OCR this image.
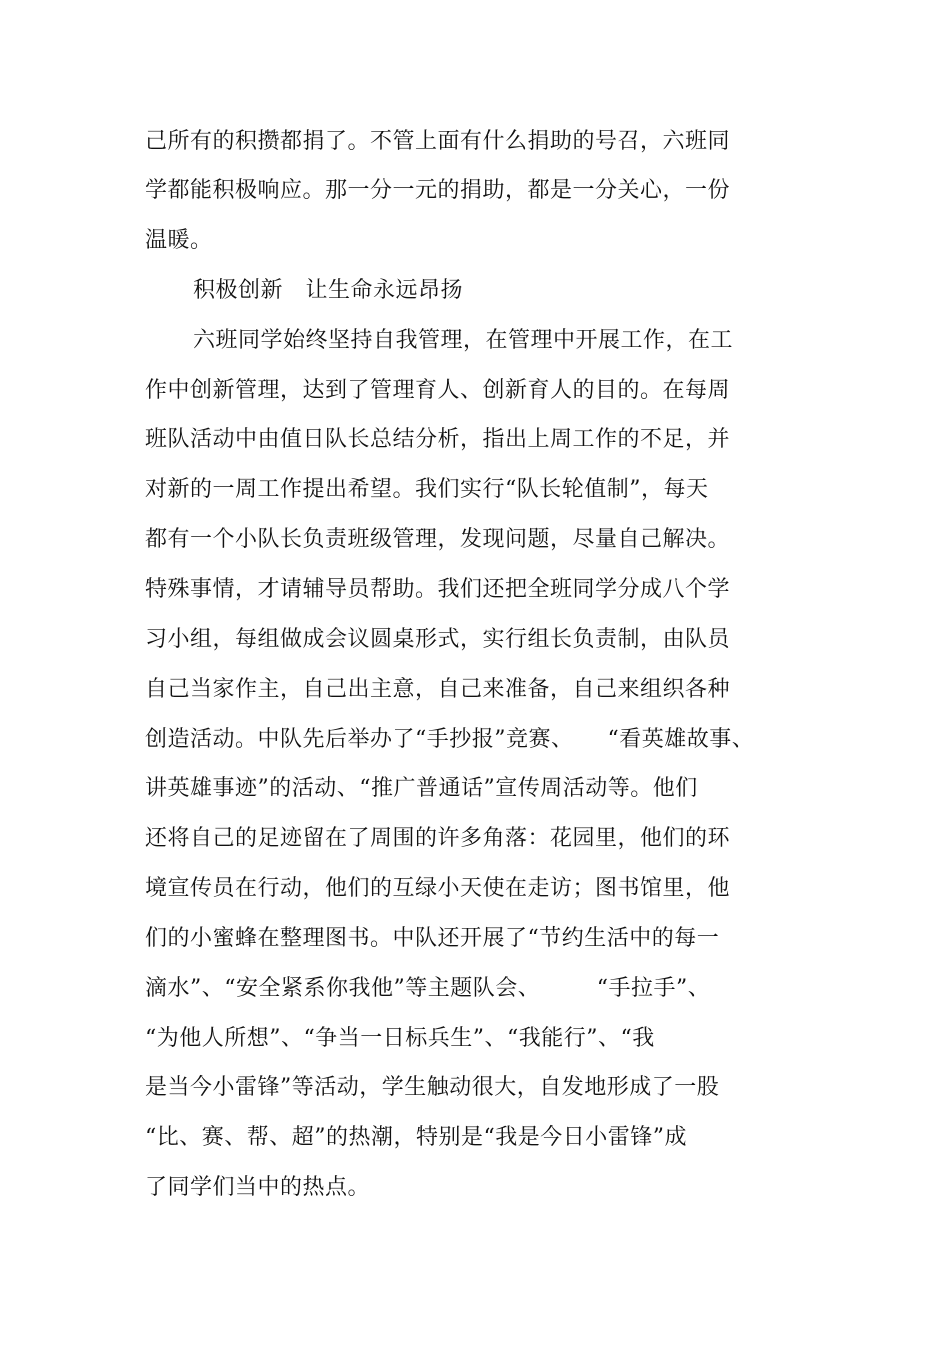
己所有的积攒都捐了。不管上面有什么捐助的号召，六班同
学都能积极响应。那一分一元的捐助，都是一分关心，一份
温暖。
积极创新　让生命永远昂扬
六班同学始终坚持自我管理，在管理中开展工作，在工
作中创新管理，达到了管理育人、创新育人的目的。在每周
班队活动中由值日队长总结分析，指出上周工作的不足，并
对新的一周工作提出希望。我们实行“队长轮值制”，每天
都有一个小队长负责班级管理，发现问题，尽量自己解决。
特殊事情，才请辅导员帮助。我们还把全班同学分成八个学
习小组，每组做成会议圆桌形式，实行组长负责制，由队员
自己当家作主，自己出主意，自己来准备，自己来组织各种
创造活动。中队先后举办了“手抄报”竞赛、　　“看英雄故事、
讲英雄事迹”的活动、“推广普通话”宣传周活动等。他们
还将自己的足迹留在了周围的许多角落：花园里，他们的环
境宣传员在行动，他们的互绿小天使在走访；图书馆里，他
们的小蜜蜂在整理图书。中队还开展了“节约生活中的每一
滴水”、“安全紧系你我他”等主题队会、　　　“手拉手”、
“为他人所想”、“争当一日标兵生”、“我能行”、“我
是当今小雷锋”等活动，学生触动很大，自发地形成了一股
“比、赛、帮、超”的热潮，特别是“我是今日小雷锋”成
了同学们当中的热点。
